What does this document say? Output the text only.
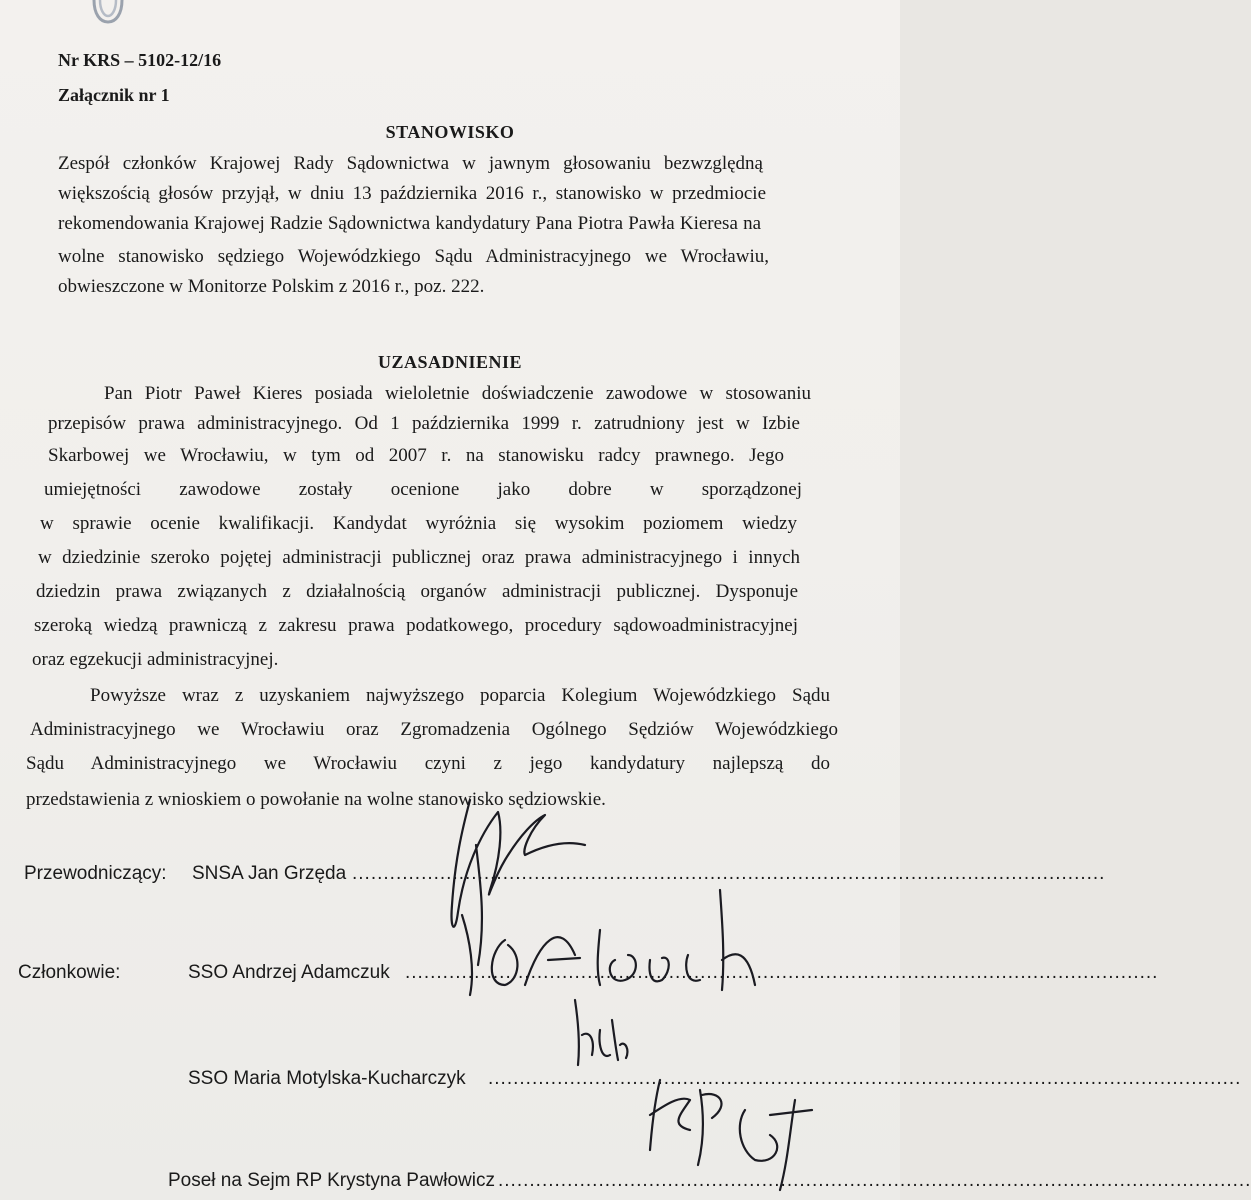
Nr KRS – 5102-12/16
Załącznik nr 1
STANOWISKO
Zespół członków Krajowej Rady Sądownictwa w jawnym głosowaniu bezwzględną
większością głosów przyjął, w dniu 13 października 2016 r., stanowisko w przedmiocie
rekomendowania Krajowej Radzie Sądownictwa kandydatury Pana Piotra Pawła Kieresa na
wolne stanowisko sędziego Wojewódzkiego Sądu Administracyjnego we Wrocławiu,
obwieszczone w Monitorze Polskim z 2016 r., poz. 222.
UZASADNIENIE
Pan Piotr Paweł Kieres posiada wieloletnie doświadczenie zawodowe w stosowaniu
przepisów prawa administracyjnego. Od 1 października 1999 r. zatrudniony jest w Izbie
Skarbowej we Wrocławiu, w tym od 2007 r. na stanowisku radcy prawnego. Jego
umiejętności zawodowe zostały ocenione jako dobre w sporządzonej
w sprawie ocenie kwalifikacji. Kandydat wyróżnia się wysokim poziomem wiedzy
w dziedzinie szeroko pojętej administracji publicznej oraz prawa administracyjnego i innych
dziedzin prawa związanych z działalnością organów administracji publicznej. Dysponuje
szeroką wiedzą prawniczą z zakresu prawa podatkowego, procedury sądowoadministracyjnej
oraz egzekucji administracyjnej.
Powyższe wraz z uzyskaniem najwyższego poparcia Kolegium Wojewódzkiego Sądu
Administracyjnego we Wrocławiu oraz Zgromadzenia Ogólnego Sędziów Wojewódzkiego
Sądu Administracyjnego we Wrocławiu czyni z jego kandydatury najlepszą do
przedstawienia z wnioskiem o powołanie na wolne stanowisko sędziowskie.
Przewodniczący: SNSA Jan Grzęda ........................................................................................................................
Członkowie:	SSO Andrzej Adamczuk ........................................................................................................................
SSO Maria Motylska-Kucharczyk ........................................................................................................................
Poseł na Sejm RP Krystyna Pawłowicz ........................................................................................................................
